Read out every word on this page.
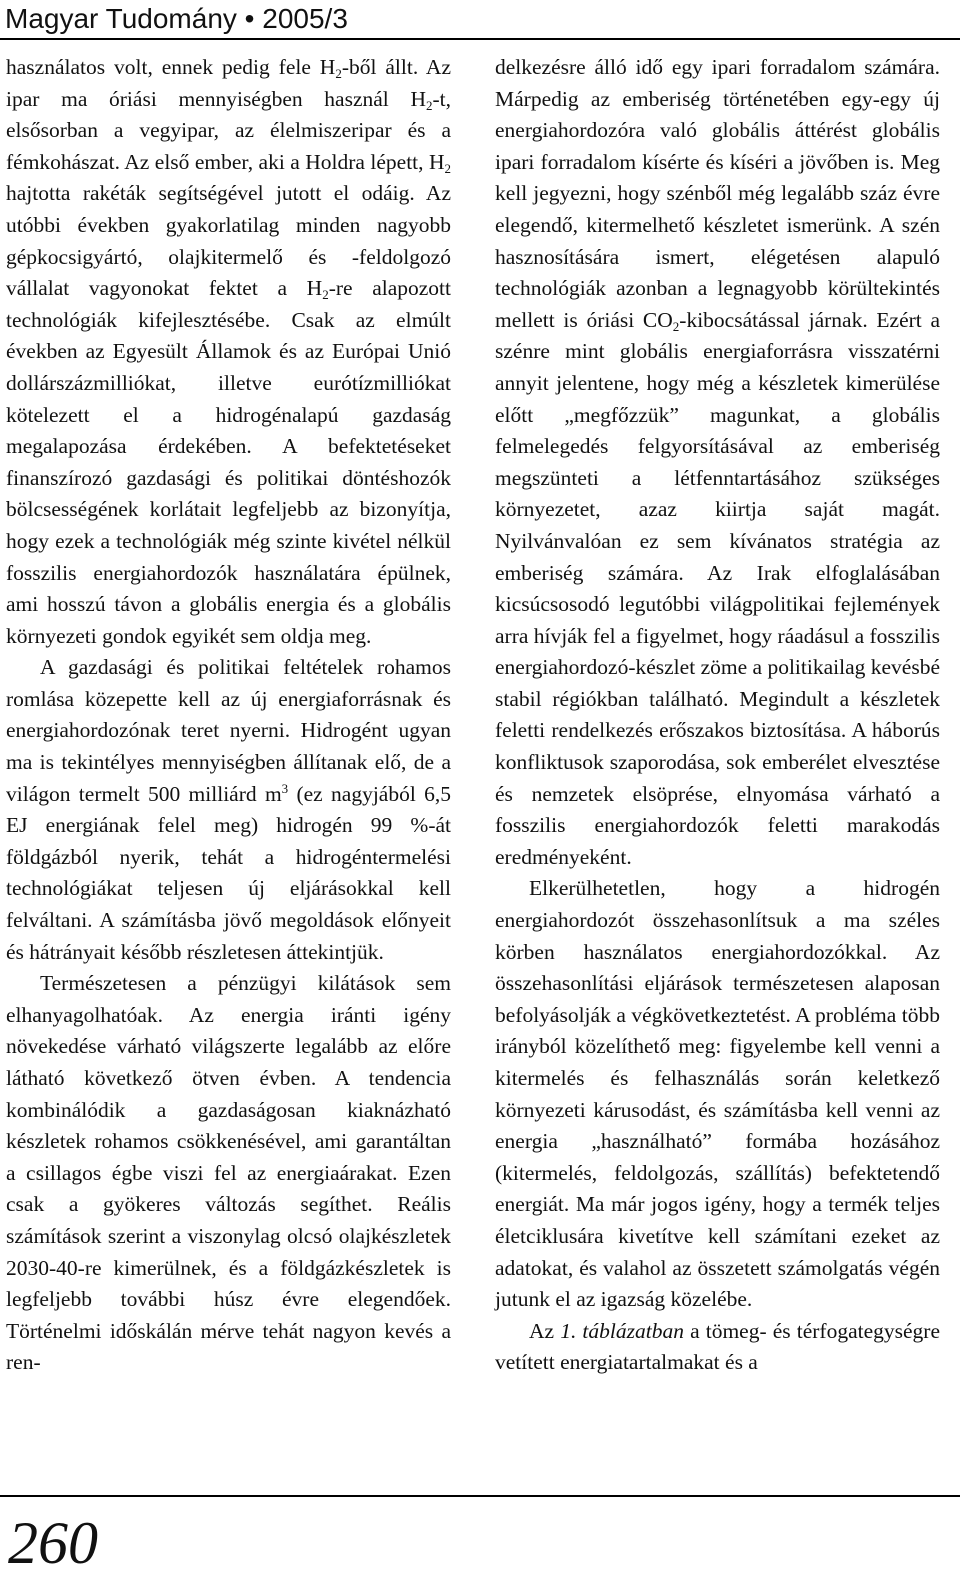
Magyar Tudomány • 2005/3

használatos volt, ennek pedig fele $H_2$-ből állt. Az ipar ma óriási mennyiségben használ $H_2-t$, elsősorban a vegyipar, az élelmiszeripar és a fémkohászat. Az első ember, aki a Holdra lépett, $H_2$ hajtotta rakéták segítségével jutott el odáig. Az utóbbi években gyakorlatilag minden nagyobb gépkocsigyártó, olajkitermelő és -feldolgozó vállalat vagyonokat fektet a $H_2-re$ alapozott technológiák kifejlesztésébe. Csak az elmúlt években az Egyesült Államok és az Európai Unió dollárszázmilliókat, illetve eurótízmilliókat kötelezett el a hidrogénalapú gazdaság megalapozása érdekében. A befektetéseket finanszírozó gazdasági és politikai döntéshozók bölcsességének korlátait legfeljebb az bizonyítja, hogy ezek a technológiák még szinte kivétel nélkül fosszilis energiahordozók használatára épülnek, ami hosszú távon a globális energia és a globális környezeti gondok egyikét sem oldja meg.

A gazdasági és politikai feltételek rohamos romlása közepette kell az új energiaforrásnak és energiahordozónak teret nyerni. Hidrogént ugyan ma is tekintélyes mennyiségben állítanak elő, de a világon termelt 500 milliárd $m^3$ (ez nagyjából 6,5 EJ energiának felel meg) hidrogén 99 %-át földgázból nyerik, tehát a hidrogéntermelési technológiákat teljesen új eljárásokkal kell felváltani. A számításba jövő megoldások előnyeit és hátrányait később részletesen áttekintjük.

Természetesen a pénzügyi kilátások sem elhanyagolhatóak. Az energia iránti igény növekedése várható világszerte legalább az előre látható következő ötven évben. A tendencia kombinálódik a gazdaságosan kiaknázható készletek rohamos csökkenésével, ami garantáltan a csillagos égbe viszi fel az energiaárakat. Ezen csak a gyökeres változás segíthet. Reális számítások szerint a viszonylag olcsó olajkészletek 2030-40-re kimerülnek, és a földgázkészletek is legfeljebb további húsz évre elegendőek. Történelmi időskálán mérve tehát nagyon kevés a ren-

delkezésre álló idő egy ipari forradalom számára. Márpedig az emberiség történetében egy-egy új energiahordozóra való globális áttérést globális ipari forradalom kísérte és kíséri a jövőben is. Meg kell jegyezni, hogy szénből még legalább száz évre elegendő, kitermelhető készletet ismerünk. A szén hasznosítására ismert, elégetésen alapuló technológiák azonban a legnagyobb körültekintés mellett is óriási $CO_2$-kibocsátással járnak. Ezért a szénre mint globális energiaforrásra visszatérni annyit jelentene, hogy még a készletek kimerülése előtt „megfőzzük” magunkat, a globális felmelegedés felgyorsításával az emberiség megszünteti a létfenntartásához szükséges környezetet, azaz kiirtja saját magát. Nyilvánvalóan ez sem kívánatos stratégia az emberiség számára. Az Irak elfoglalásában kicsúcsosodó legutóbbi világpolitikai fejlemények arra hívják fel a figyelmet, hogy ráadásul a fosszilis energiahordozó-készlet zöme a politikailag kevésbé stabil régiókban található. Megindult a készletek feletti rendelkezés erőszakos biztosítása. A háborús konfliktusok szaporodása, sok emberélet elvesztése és nemzetek elsöprése, elnyomása várható a fosszilis energiahordozók feletti marakodás eredményeként.

Elkerülhetetlen, hogy a hidrogén energiahordozót összehasonlítsuk a ma széles körben használatos energiahordozókkal. Az összehasonlítási eljárások természetesen alaposan befolyásolják a végkövetkeztetést. A probléma több irányból közelíthető meg: figyelembe kell venni a kitermelés és felhasználás során keletkező környezeti kárusodást, és számításba kell venni az energia „használható” formába hozásához (kitermelés, feldolgozás, szállítás) befektetendő energiát. Ma már jogos igény, hogy a termék teljes életciklusára kivetítve kell számítani ezeket az adatokat, és valahol az összetett számolgatás végén jutunk el az igazság közelébe.

Az 1. táblázatban a tömeg- és térfogategységre vetített energiatartalmakat és a

260
